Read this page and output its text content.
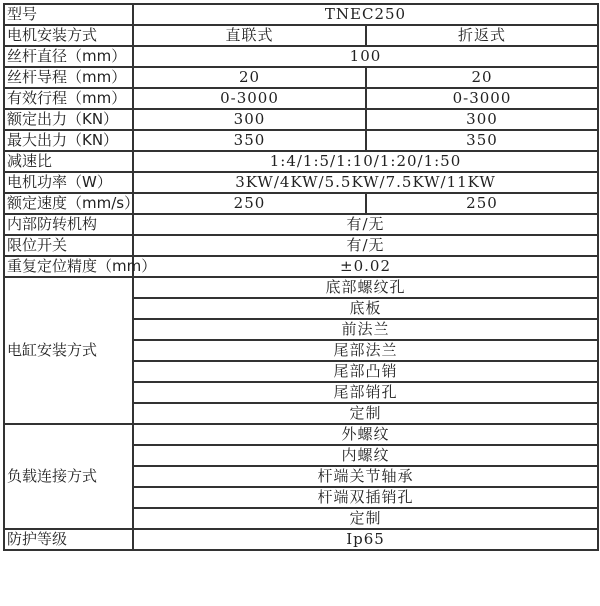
型号	TNEC250	
电机安装方式	直联式	折返式
丝杆直径（mm）	100	
丝杆导程（mm）	20	20
有效行程（mm）	0-3000	0-3000
额定出力（KN）	300	300
最大出力（KN）	350	350
减速比	1:4/1:5/1:10/1:20/1:50	
电机功率（W）	3KW/4KW/5.5KW/7.5KW/11KW	
额定速度（mm/s）	250	250
内部防转机构	有/无	
限位开关	有/无	
重复定位精度（mm）	±0.02	
电缸安装方式	底部螺纹孔	
	底板	
	前法兰	
	尾部法兰	
	尾部凸销	
	尾部销孔	
	定制	
负载连接方式	外螺纹	
	内螺纹	
	杆端关节轴承	
	杆端双插销孔	
	定制	
防护等级	Ip65	
